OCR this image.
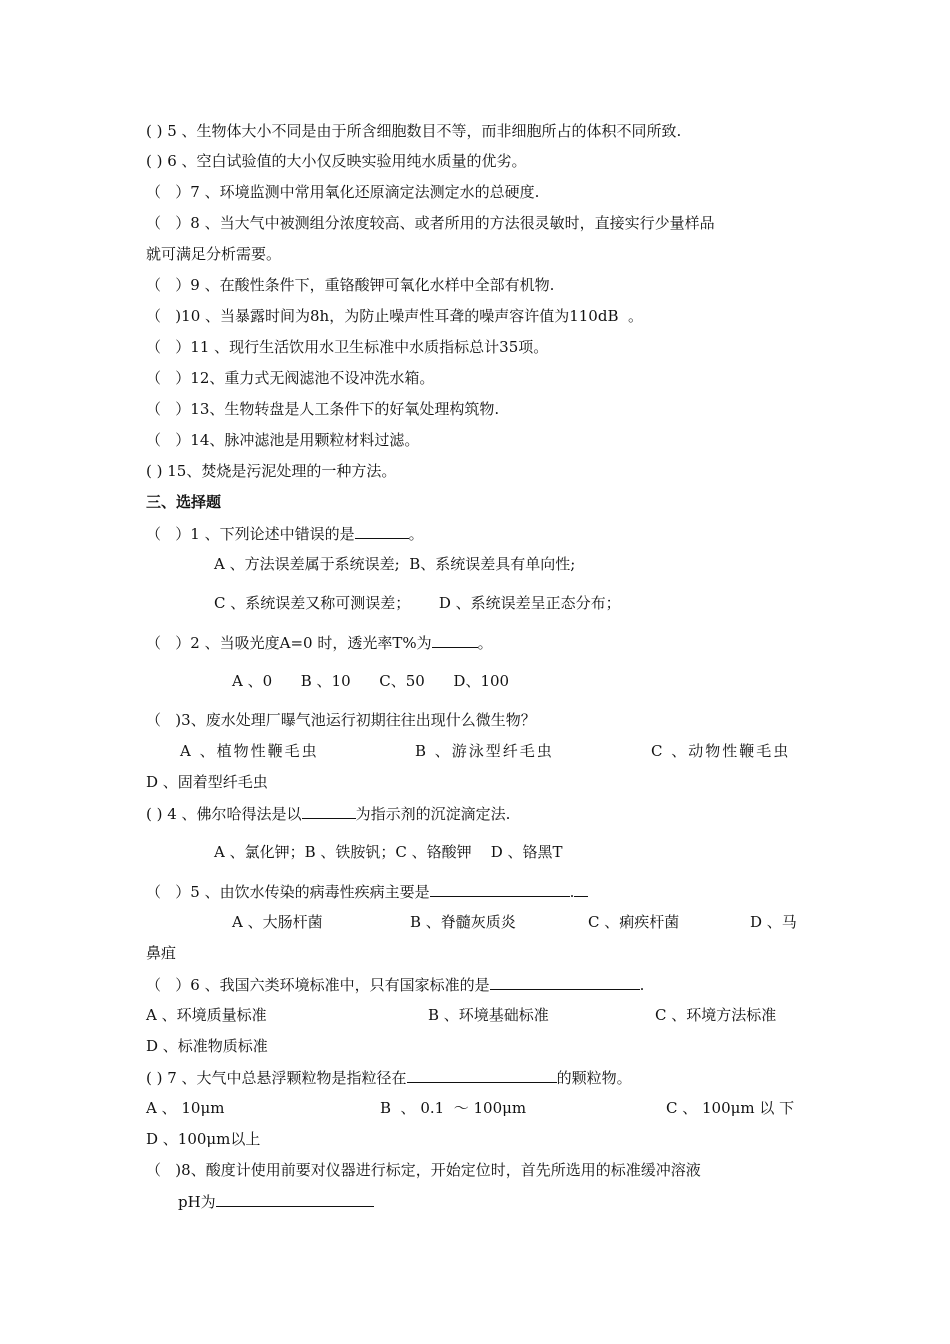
( ) 5 、生物体大小不同是由于所含细胞数目不等，而非细胞所占的体积不同所致.
( ) 6 、空白试验值的大小仅反映实验用纯水质量的优劣。
（   ）7 、环境监测中常用氧化还原滴定法测定水的总硬度.
（   ）8 、当大气中被测组分浓度较高、或者所用的方法很灵敏时，直接实行少量样品
就可满足分析需要。
（   ）9 、在酸性条件下，重铬酸钾可氧化水样中全部有机物.
（   )10 、当暴露时间为8h，为防止噪声性耳聋的噪声容许值为110dB  。
（   ）11 、现行生活饮用水卫生标准中水质指标总计35项。
（   ）12、重力式无阀滤池不设冲洗水箱。
（   ）13、生物转盘是人工条件下的好氧处理构筑物.
（   ）14、脉冲滤池是用颗粒材料过滤。
( ) 15、焚烧是污泥处理的一种方法。
三、选择题
（   ）1 、下列论述中错误的是	。
A 、方法误差属于系统误差;  B、系统误差具有单向性;
C 、系统误差又称可测误差；      D 、系统误差呈正态分布；
（   ）2 、当吸光度A=0 时，透光率T%为	。
A 、0      B 、10      C、50      D、100
（   )3、废水处理厂曝气池运行初期往往出现什么微生物？
A 、植物性鞭毛虫	B 、游泳型纤毛虫	C 、动物性鞭毛虫
D 、固着型纤毛虫
( ) 4 、佛尔哈得法是以	为指示剂的沉淀滴定法.
A 、氯化钾；B 、铁胺钒；C 、铬酸钾    D 、铬黑T
（   ）5 、由饮水传染的病毒性疾病主要是	.
A 、大肠杆菌	B 、脊髓灰质炎	C 、痢疾杆菌	D 、马
鼻疽
（   ）6 、我国六类环境标准中，只有国家标准的是	.
A 、环境质量标准	B 、环境基础标准	C 、环境方法标准
D 、标准物质标准
( ) 7 、大气中总悬浮颗粒物是指粒径在	的颗粒物。
A 、 10μm	B  、 0.1  ～ 100μm	C 、 100μm 以 下
D 、100μm以上
（   )8、酸度计使用前要对仪器进行标定，开始定位时，首先所选用的标准缓冲溶液
pH为
